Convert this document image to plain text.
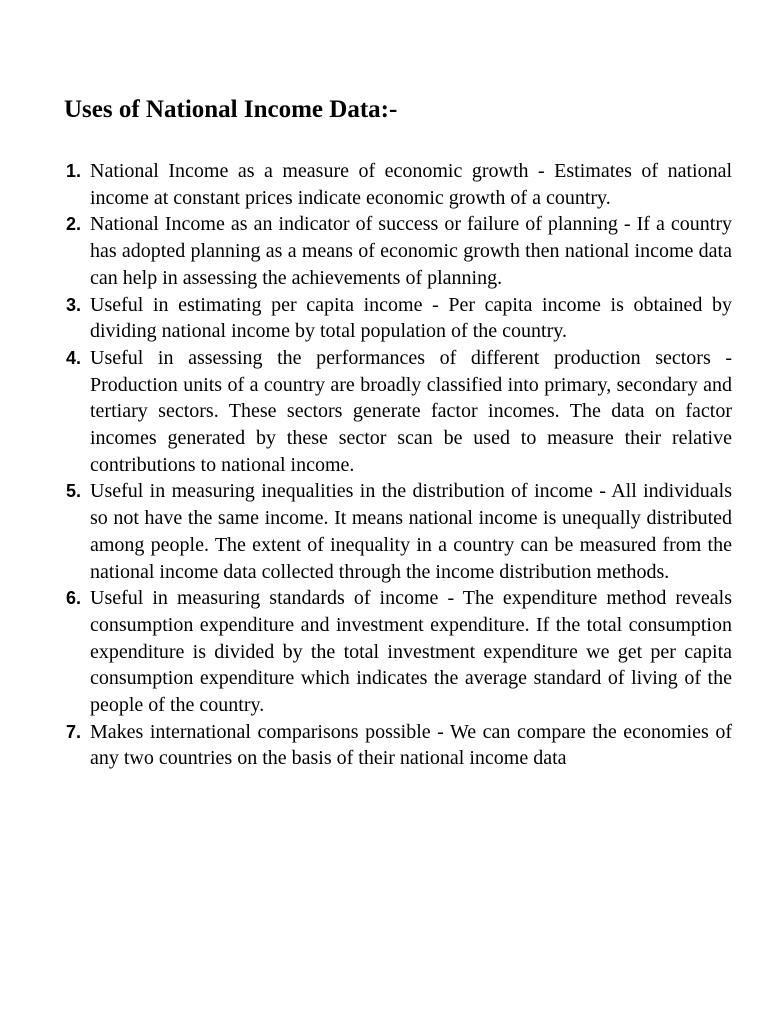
Uses of National Income Data:-
1. National Income as a measure of economic growth - Estimates of national income at constant prices indicate economic growth of a country.
2. National Income as an indicator of success or failure of planning - If a country has adopted planning as a means of economic growth then national income data can help in assessing the achievements of planning.
3. Useful in estimating per capita income - Per capita income is obtained by dividing national income by total population of the country.
4. Useful in assessing the performances of different production sectors - Production units of a country are broadly classified into primary, secondary and tertiary sectors. These sectors generate factor incomes. The data on factor incomes generated by these sector scan be used to measure their relative contributions to national income.
5. Useful in measuring inequalities in the distribution of income - All individuals so not have the same income. It means national income is unequally distributed among people. The extent of inequality in a country can be measured from the national income data collected through the income distribution methods.
6. Useful in measuring standards of income - The expenditure method reveals consumption expenditure and investment expenditure. If the total consumption expenditure is divided by the total investment expenditure we get per capita consumption expenditure which indicates the average standard of living of the people of the country.
7. Makes international comparisons possible - We can compare the economies of any two countries on the basis of their national income data
